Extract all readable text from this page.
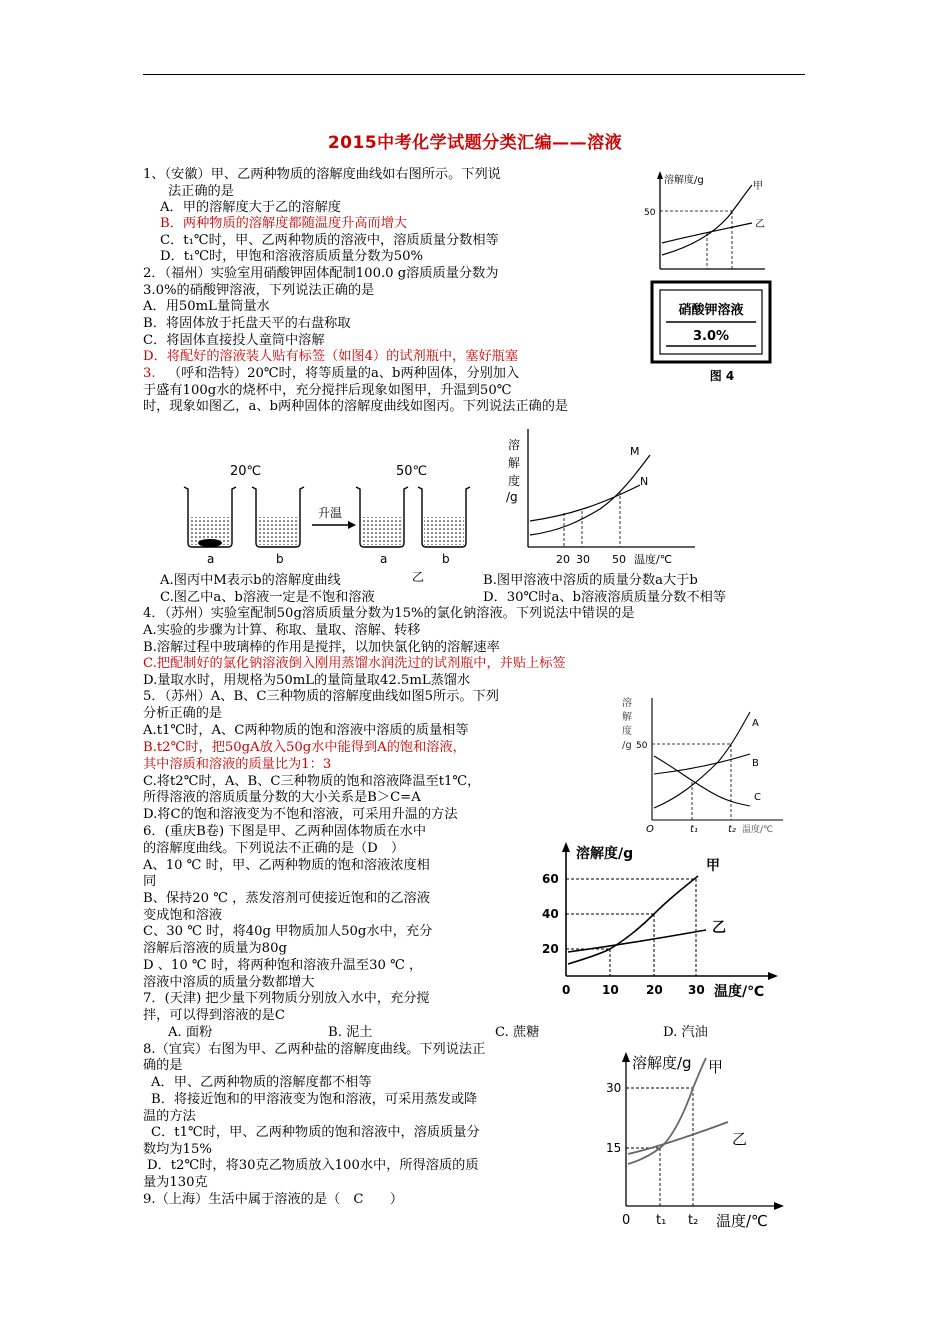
2015中考化学试题分类汇编——溶液
1、（安徽）甲、乙两种物质的溶解度曲线如右图所示。下列说
法正确的是
A．甲的溶解度大于乙的溶解度
B．两种物质的溶解度都随温度升高而增大
C．t₁℃时，甲、乙两种物质的溶液中，溶质质量分数相等
D．t₁℃时，甲饱和溶液溶质质量分数为50%
溶解度/g
50
甲
乙
2．（福州）实验室用硝酸钾固体配制100.0 g溶质质量分数为
3.0%的硝酸钾溶液，下列说法正确的是
A．用50mL量筒量水
B．将固体放于托盘天平的右盘称取
C．将固体直接投人童筒中溶解
D．将配好的溶液装人贴有标签（如图4）的试剂瓶中，塞好瓶塞
硝酸钾溶液
3.0%
图 4
3. （呼和浩特）20℃时，将等质量的a、b两种固体，分别加入
于盛有100g水的烧杯中，充分搅拌后现象如图甲，升温到50℃
时，现象如图乙，a、b两种固体的溶解度曲线如图丙。下列说法正确的是
20℃	50℃
升温
a	b	a	b
乙
溶
解
度
/g
M
N
20 30 50 温度/℃
A.图丙中M表示b的溶解度曲线	B.图甲溶液中溶质的质量分数a大于b
C.图乙中a、b溶液一定是不饱和溶液	D．30℃时a、b溶液溶质质量分数不相等
4．（苏州）实验室配制50g溶质质量分数为15%的氯化钠溶液。下列说法中错误的是
A.实验的步骤为计算、称取、量取、溶解、转移
B.溶解过程中玻璃棒的作用是搅拌，以加快氯化钠的溶解速率
C.把配制好的氯化钠溶液倒入刚用蒸馏水润洗过的试剂瓶中，并贴上标签
D.量取水时，用规格为50mL的量筒量取42.5mL蒸馏水
5．（苏州）A、B、C三种物质的溶解度曲线如图5所示。下列
分析正确的是
A.t1℃时，A、C两种物质的饱和溶液中溶质的质量相等
B.t2℃时，把50gA放入50g水中能得到A的饱和溶液，
其中溶质和溶液的质量比为1：3
C.将t2℃时，A、B、C三种物质的饱和溶液降温至t1℃，
所得溶液的溶质质量分数的大小关系是B＞C=A
D.将C的饱和溶液变为不饱和溶液，可采用升温的方法
溶
解
度
/g 50
A
B
C
O	t₁	t₂ 温度/℃
6．(重庆B卷) 下图是甲、乙两种固体物质在水中
的溶解度曲线。下列说法不正确的是（D　）
A、10 ℃ 时，甲、乙两种物质的饱和溶液浓度相
同
B、保持20 ℃ ，蒸发溶剂可使接近饱和的乙溶液
变成饱和溶液
C、30 ℃ 时，将40g 甲物质加人50g水中，充分
溶解后溶液的质量为80g
D 、10 ℃ 时，将两种饱和溶液升温至30 ℃ ，
溶液中溶质的质量分数都增大
溶解度/g
60
40
20
甲
乙
0	10 20 30 温度/℃
7．(天津) 把少量下列物质分别放入水中，充分搅
拌，可以得到溶液的是C
A. 面粉	B. 泥土	C. 蔗糖	D. 汽油
8.（宜宾）右图为甲、乙两种盐的溶解度曲线。下列说法正
确的是
A．甲、乙两种物质的溶解度都不相等
B．将接近饱和的甲溶液变为饱和溶液，可采用蒸发或降
温的方法
C．t1℃时，甲、乙两种物质的饱和溶液中，溶质质量分
数均为15%
D．t2℃时，将30克乙物质放入100水中，所得溶质的质
量为130克
溶解度/g 甲
乙
30
15
0 t₁ t₂ 温度/℃
9.（上海）生活中属于溶液的是（　C　　）
